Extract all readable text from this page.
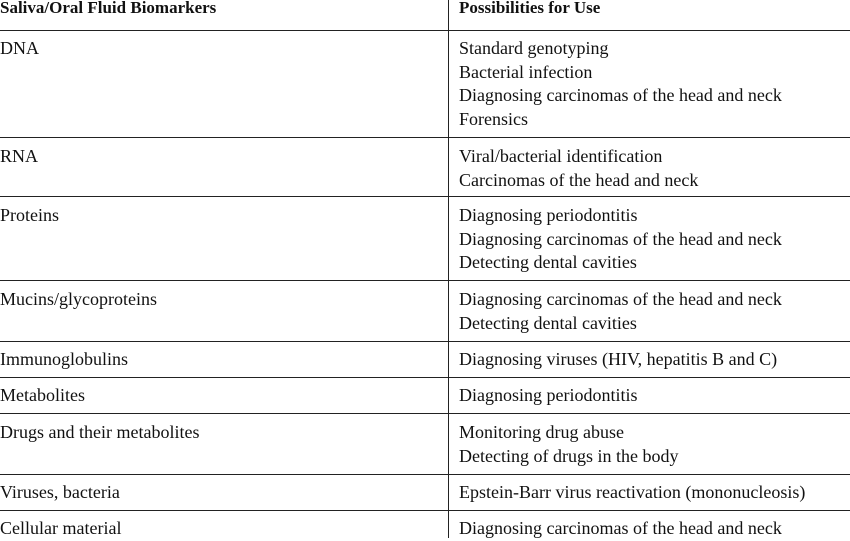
Saliva/Oral Fluid Biomarkers	Possibilities for Use
DNA	Standard genotyping
Bacterial infection
Diagnosing carcinomas of the head and neck
Forensics
RNA	Viral/bacterial identification
Carcinomas of the head and neck
Proteins	Diagnosing periodontitis
Diagnosing carcinomas of the head and neck
Detecting dental cavities
Mucins/glycoproteins	Diagnosing carcinomas of the head and neck
Detecting dental cavities
Immunoglobulins	Diagnosing viruses (HIV, hepatitis B and C)
Metabolites	Diagnosing periodontitis
Drugs and their metabolites	Monitoring drug abuse
Detecting of drugs in the body
Viruses, bacteria	Epstein-Barr virus reactivation (mononucleosis)
Cellular material	Diagnosing carcinomas of the head and neck
